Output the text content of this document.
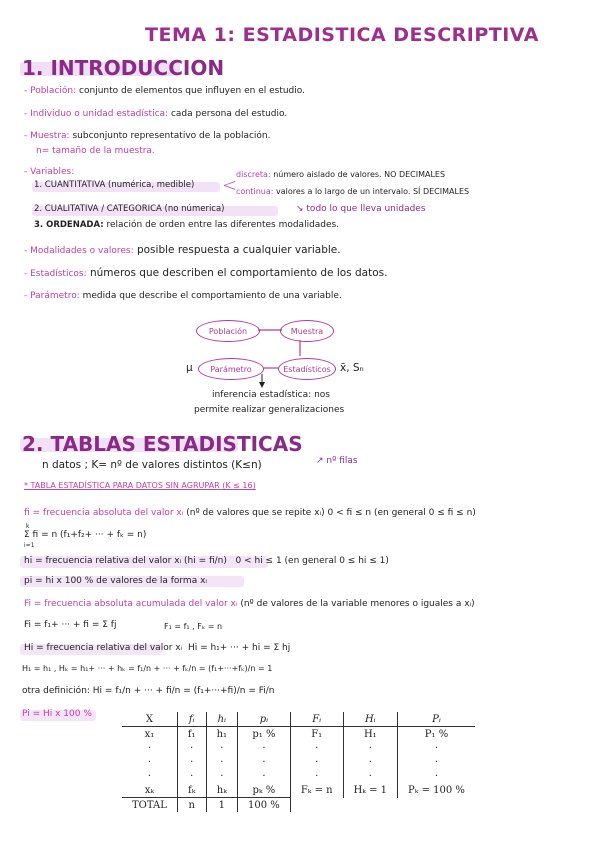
TEMA 1: ESTADISTICA DESCRIPTIVA
1. INTRODUCCION
- Población: conjunto de elementos que influyen en el estudio.
- Individuo o unidad estadística: cada persona del estudio.
- Muestra: subconjunto representativo de la población.
n= tamaño de la muestra.
- Variables:
1. CUANTITATIVA (numérica, medible) <
discreta: número aislado de valores. NO DECIMALES
continua: valores a lo largo de un intervalo. SÍ DECIMALES
↘ todo lo que lleva unidades
2. CUALITATIVA / CATEGORICA (no númerica)
3. ORDENADA: relación de orden entre las diferentes modalidades.
- Modalidades o valores: posible respuesta a cualquier variable.
- Estadísticos: números que describen el comportamiento de los datos.
- Parámetro: medida que describe el comportamiento de una variable.
Población	Muestra
Parámetro	Estadísticos
μ	x̄, Sₙ
inferencia estadística: nos
permite realizar generalizaciones
2. TABLAS ESTADISTICAS
n datos ; K= nº de valores distintos (K≤n)	↗ nº filas
* TABLA ESTADÍSTICA PARA DATOS SIN AGRUPAR (K ≤ 16)
fi = frecuencia absoluta del valor xᵢ (nº de valores que se repite xᵢ) 0 < fi ≤ n (en general 0 ≤ fi ≤ n)
k
Σ fi = n (f₁+f₂+ ··· + fₖ = n)
i=1
hi = frecuencia relativa del valor xᵢ (hi = fi/n) 0 < hi ≤ 1 (en general 0 ≤ hi ≤ 1)
pi = hi x 100 % de valores de la forma xᵢ
Fi = frecuencia absoluta acumulada del valor xᵢ (nº de valores de la variable menores o iguales a xᵢ)
Fi = f₁+ ··· + fi = Σ fj	F₁ = f₁ , Fₖ = n
Hi = frecuencia relativa del valor xᵢ Hi = h₁+ ··· + hi = Σ hj
H₁ = h₁ , Hₖ = h₁+ ··· + hₖ = f₁/n + ··· + fₖ/n = (f₁+···+fₖ)/n = 1
otra definición: Hi = f₁/n + ··· + fi/n = (f₁+···+fi)/n = Fi/n
Pi = Hi x 100 %	X	fᵢ	hᵢ	pᵢ	Fᵢ	Hᵢ	Pᵢ
x₁	f₁	h₁	p₁ %	F₁	H₁	P₁ %
·	·	·	·	·	·	·
·	·	·	·	·	·	·
·	·	·	·	·	·	·
xₖ	fₖ	hₖ	pₖ %	Fₖ = n	Hₖ = 1	Pₖ = 100 %
TOTAL	n	1	100 %			
